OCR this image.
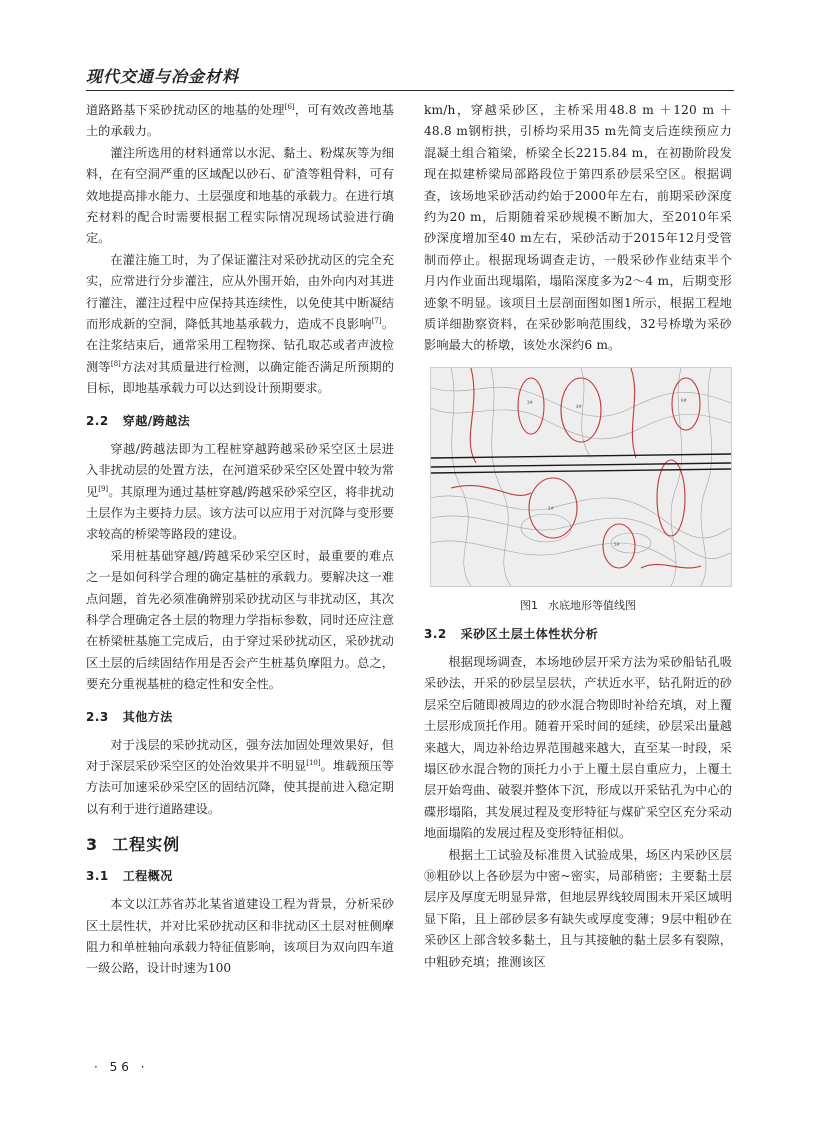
现代交通与冶金材料

道路路基下采砂扰动区的地基的处理[6]，可有效改善地基土的承载力。

灌注所选用的材料通常以水泥、黏土、粉煤灰等为细料，在有空洞严重的区域配以砂石、矿渣等粗骨料，可有效地提高排水能力、土层强度和地基的承载力。在进行填充材料的配合时需要根据工程实际情况现场试验进行确定。

在灌注施工时，为了保证灌注对采砂扰动区的完全充实，应常进行分步灌注，应从外围开始，由外向内对其进行灌注，灌注过程中应保持其连续性，以免使其中断凝结而形成新的空洞，降低其地基承载力，造成不良影响[7]。在注浆结束后，通常采用工程物探、钻孔取芯或者声波检测等[8]方法对其质量进行检测，以确定能否满足所预期的目标，即地基承载力可以达到设计预期要求。

2.2 穿越/跨越法

穿越/跨越法即为工程桩穿越跨越采砂采空区土层进入非扰动层的处置方法，在河道采砂采空区处置中较为常见[9]。其原理为通过基桩穿越/跨越采砂采空区，将非扰动土层作为主要持力层。该方法可以应用于对沉降与变形要求较高的桥梁等路段的建设。

采用桩基础穿越/跨越采砂采空区时，最重要的难点之一是如何科学合理的确定基桩的承载力。要解决这一难点问题，首先必须准确辨别采砂扰动区与非扰动区，其次科学合理确定各土层的物理力学指标参数，同时还应注意在桥梁桩基施工完成后，由于穿过采砂扰动区，采砂扰动区土层的后续固结作用是否会产生桩基负摩阻力。总之，要充分重视基桩的稳定性和安全性。

2.3 其他方法

对于浅层的采砂扰动区，强夯法加固处理效果好，但对于深层采砂采空区的处治效果并不明显[10]。堆载预压等方法可加速采砂采空区的固结沉降，使其提前进入稳定期以有利于进行道路建设。

3 工程实例
3.1 工程概况

本文以江苏省苏北某省道建设工程为背景，分析采砂区土层性状，并对比采砂扰动区和非扰动区土层对桩侧摩阻力和单桩轴向承载力特征值影响，该项目为双向四车道一级公路，设计时速为100

km/h，穿越采砂区，主桥采用48.8 m ＋120 m ＋48.8 m钢桁拱，引桥均采用35 m先简支后连续预应力混凝土组合箱梁，桥梁全长2215.84 m，在初勘阶段发现在拟建桥梁局部路段位于第四系砂层采空区。根据调查，该场地采砂活动约始于2000年左右，前期采砂深度约为20 m，后期随着采砂规模不断加大，至2010年采砂深度增加至40 m左右，采砂活动于2015年12月受管制而停止。根据现场调查走访，一般采砂作业结束半个月内作业面出现塌陷，塌陷深度多为2～4 m，后期变形迹象不明显。该项目土层剖面图如图1所示，根据工程地质详细勘察资料，在采砂影响范围线，32号桥墩为采砂影响最大的桥墩，该处水深约6 m。

3#
4#
6#
2#
5#
图1 水底地形等值线图
3.2 采砂区土层土体性状分析

根据现场调查，本场地砂层开采方法为采砂船钻孔吸采砂法，开采的砂层呈层状，产状近水平，钻孔附近的砂层采空后随即被周边的砂水混合物即时补给充填，对上覆土层形成顶托作用。随着开采时间的延续，砂层采出量越来越大，周边补给边界范围越来越大，直至某一时段，采塌区砂水混合物的顶托力小于上覆土层自重应力，上覆土层开始弯曲、破裂并整体下沉，形成以开采钻孔为中心的碟形塌陷，其发展过程及变形特征与煤矿采空区充分采动地面塌陷的发展过程及变形特征相似。

根据土工试验及标准贯入试验成果，场区内采砂区层⑩粗砂以上各砂层为中密~密实，局部稍密；主要黏土层层序及厚度无明显异常，但地层界线较周围未开采区域明显下陷，且上部砂层多有缺失或厚度变薄；9层中粗砂在采砂区上部含较多黏土，且与其接触的黏土层多有裂隙，中粗砂充填；推测该区

· 56 ·
